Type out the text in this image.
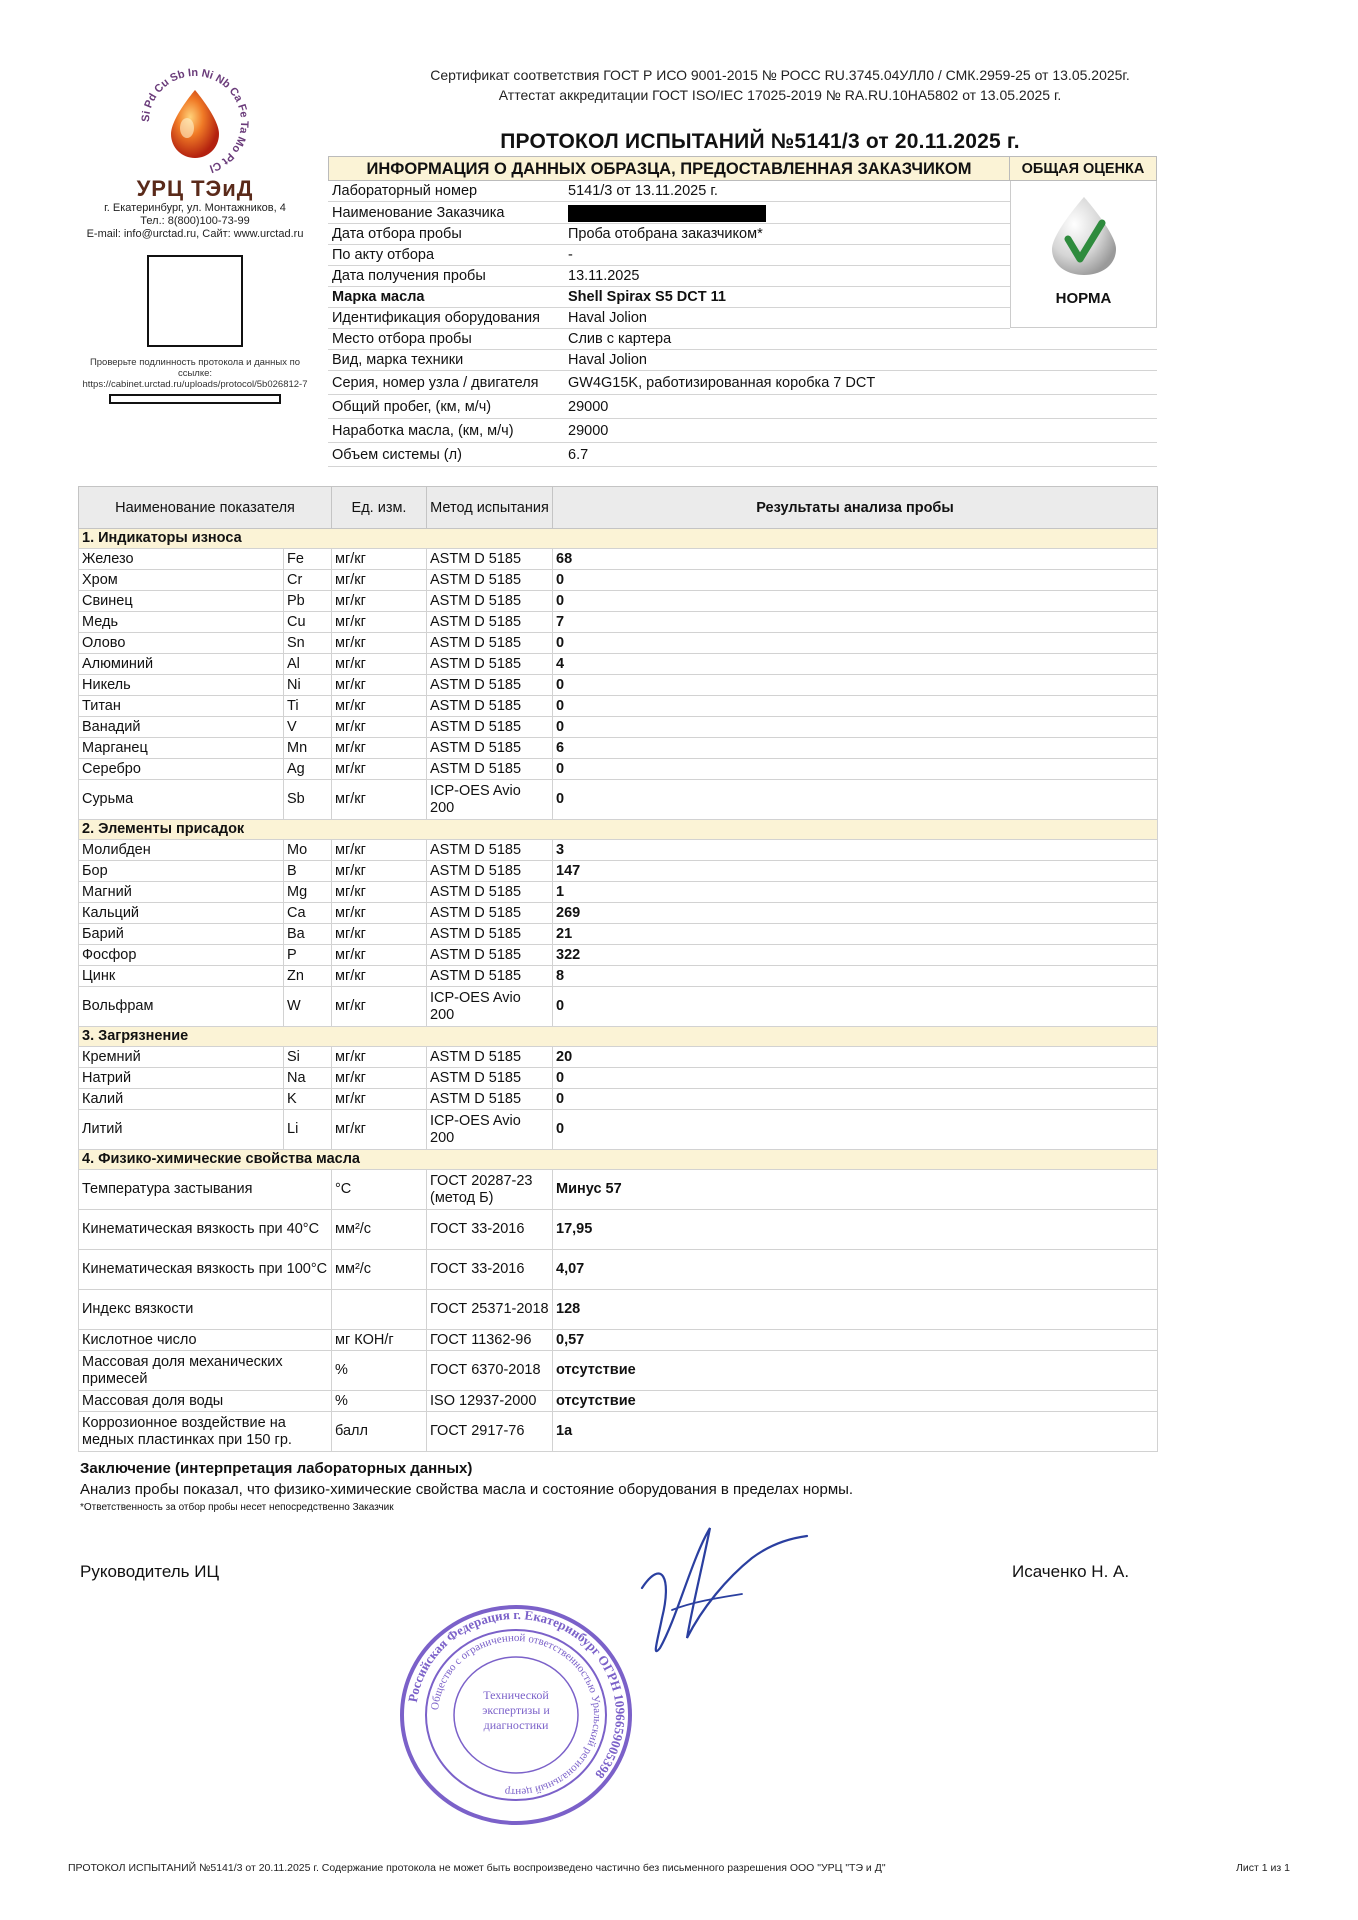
Si Pd Cu Sb In Ni Nb Ca Fe Ta Mo Pt Cl
УРЦ ТЭиД
г. Екатеринбург, ул. Монтажников, 4
Тел.: 8(800)100-73-99
E-mail: info@urctad.ru, Сайт: www.urctad.ru
Проверьте подлинность протокола и данных по ссылке:
https://cabinet.urctad.ru/uploads/protocol/5b026812-7
Сертификат соответствия ГОСТ Р ИСО 9001-2015 № РОСС RU.3745.04УЛЛ0 / СМК.2959-25 от 13.05.2025г.
Аттестат аккредитации ГОСТ ISO/IEC 17025-2019 № RA.RU.10НА5802 от 13.05.2025 г.
ПРОТОКОЛ ИСПЫТАНИЙ №5141/3 от 20.11.2025 г.
ИНФОРМАЦИЯ О ДАННЫХ ОБРАЗЦА, ПРЕДОСТАВЛЕННАЯ ЗАКАЗЧИКОМ	ОБЩАЯ ОЦЕНКА
Лабораторный номер	5141/3 от 13.11.2025 г.
Наименование Заказчика
Дата отбора пробы	Проба отобрана заказчиком*
По акту отбора	-
Дата получения пробы	13.11.2025
Марка масла	Shell Spirax S5 DCT 11
Идентификация оборудования	Haval Jolion
Место отбора пробы	Слив с картера
Вид, марка техники	Haval Jolion
Серия, номер узла / двигателя	GW4G15K, работизированная коробка 7 DCT
Общий пробег, (км, м/ч)	29000
Наработка масла, (км, м/ч)	29000
Объем системы (л)	6.7
НОРМА
Наименование показателя		Ед. изм.	Метод испытания	Результаты анализа пробы
1. Индикаторы износа				
Железо	Fe	мг/кг	ASTM D 5185	68
Хром	Cr	мг/кг	ASTM D 5185	0
Свинец	Pb	мг/кг	ASTM D 5185	0
Медь	Cu	мг/кг	ASTM D 5185	7
Олово	Sn	мг/кг	ASTM D 5185	0
Алюминий	Al	мг/кг	ASTM D 5185	4
Никель	Ni	мг/кг	ASTM D 5185	0
Титан	Ti	мг/кг	ASTM D 5185	0
Ванадий	V	мг/кг	ASTM D 5185	0
Марганец	Mn	мг/кг	ASTM D 5185	6
Серебро	Ag	мг/кг	ASTM D 5185	0
Сурьма	Sb	мг/кг	ICP-OES Avio 200	0
2. Элементы присадок				
Молибден	Mo	мг/кг	ASTM D 5185	3
Бор	B	мг/кг	ASTM D 5185	147
Магний	Mg	мг/кг	ASTM D 5185	1
Кальций	Ca	мг/кг	ASTM D 5185	269
Барий	Ba	мг/кг	ASTM D 5185	21
Фосфор	P	мг/кг	ASTM D 5185	322
Цинк	Zn	мг/кг	ASTM D 5185	8
Вольфрам	W	мг/кг	ICP-OES Avio 200	0
3. Загрязнение				
Кремний	Si	мг/кг	ASTM D 5185	20
Натрий	Na	мг/кг	ASTM D 5185	0
Калий	K	мг/кг	ASTM D 5185	0
Литий	Li	мг/кг	ICP-OES Avio 200	0
4. Физико-химические свойства масла				
Температура застывания		°C	ГОСТ 20287-23 (метод Б)	Минус 57
Кинематическая вязкость при 40°C		мм²/с	ГОСТ 33-2016	17,95
Кинематическая вязкость при 100°C		мм²/с	ГОСТ 33-2016	4,07
Индекс вязкости			ГОСТ 25371-2018	128
Кислотное число		мг КОН/г	ГОСТ 11362-96	0,57
Массовая доля механических примесей		%	ГОСТ 6370-2018	отсутствие
Массовая доля воды		%	ISO 12937-2000	отсутствие
Коррозионное воздействие на медных пластинках при 150 гр.		балл	ГОСТ 2917-76	1а
Заключение (интерпретация лабораторных данных)
Анализ пробы показал, что физико-химические свойства масла и состояние оборудования в пределах нормы.
*Ответственность за отбор пробы несет непосредственно Заказчик
Руководитель ИЦ	Исаченко Н. А.
Российская Федерация г. Екатеринбург ОГРН 1096659005398
Общество с ограниченной ответственностью Уральский региональный центр
Технической экспертизы и диагностики
ПРОТОКОЛ ИСПЫТАНИЙ №5141/3 от 20.11.2025 г. Содержание протокола не может быть воспроизведено частично без письменного разрешения ООО "УРЦ "ТЭ и Д"	Лист 1 из 1
